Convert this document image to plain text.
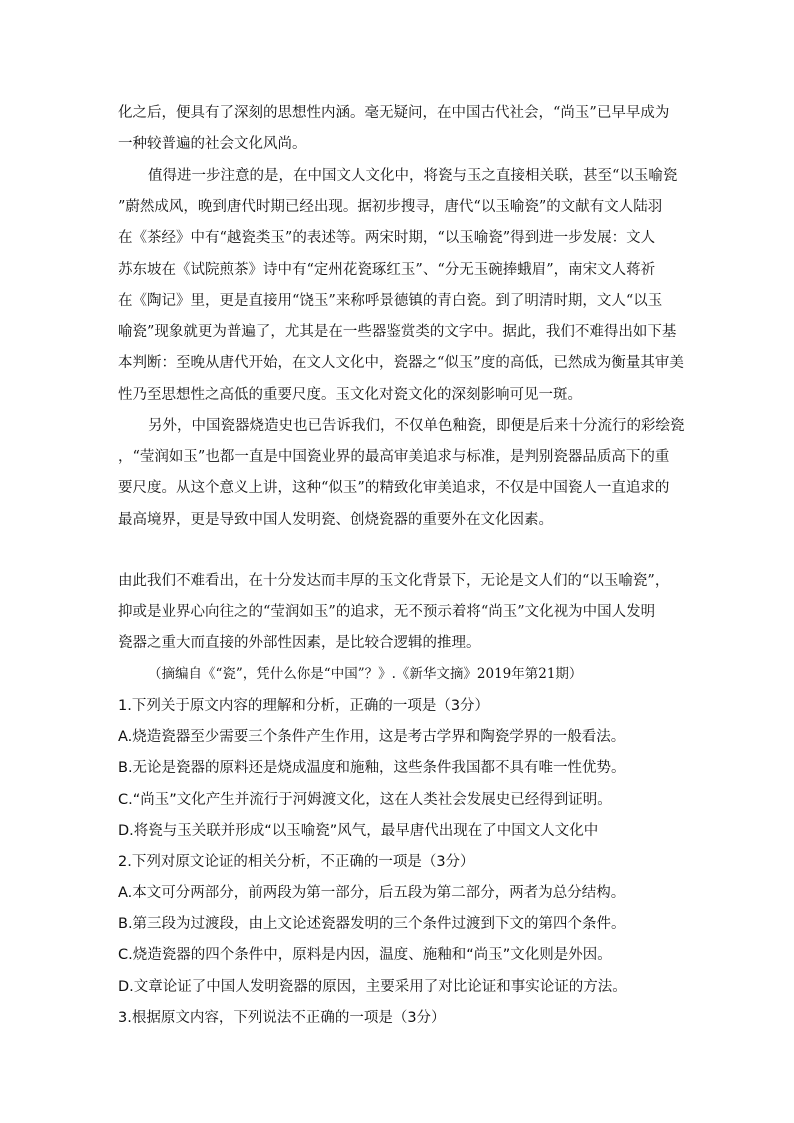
化之后，便具有了深刻的思想性内涵。毫无疑问，在中国古代社会，“尚玉”已早早成为
一种较普遍的社会文化风尚。
值得进一步注意的是，在中国文人文化中，将瓷与玉之直接相关联，甚至“以玉喻瓷
”蔚然成风，晚到唐代时期已经出现。据初步搜寻，唐代“以玉喻瓷”的文献有文人陆羽
在《茶经》中有“越瓷类玉”的表述等。两宋时期，“以玉喻瓷”得到进一步发展：文人
苏东坡在《试院煎茶》诗中有“定州花瓷琢红玉”、“分无玉碗捧蛾眉”，南宋文人蒋祈
在《陶记》里，更是直接用“饶玉”来称呼景德镇的青白瓷。到了明清时期，文人“以玉
喻瓷”现象就更为普遍了，尤其是在一些器鉴赏类的文字中。据此，我们不难得出如下基
本判断：至晚从唐代开始，在文人文化中，瓷器之“似玉”度的高低，已然成为衡量其审美
性乃至思想性之高低的重要尺度。玉文化对瓷文化的深刻影响可见一斑。
另外，中国瓷器烧造史也已告诉我们，不仅单色釉瓷，即便是后来十分流行的彩绘瓷
，“莹润如玉”也都一直是中国瓷业界的最高审美追求与标准，是判别瓷器品质高下的重
要尺度。从这个意义上讲，这种“似玉”的精致化审美追求，不仅是中国瓷人一直追求的
最高境界，更是导致中国人发明瓷、创烧瓷器的重要外在文化因素。
由此我们不难看出，在十分发达而丰厚的玉文化背景下，无论是文人们的“以玉喻瓷”，
抑或是业界心向往之的“莹润如玉”的追求，无不预示着将“尚玉”文化视为中国人发明
瓷器之重大而直接的外部性因素，是比较合逻辑的推理。
（摘编自《“瓷”，凭什么你是“中国”？》.《新华文摘》2019年第21期）
1.下列关于原文内容的理解和分析，正确的一项是（3分）
A.烧造瓷器至少需要三个条件产生作用，这是考古学界和陶瓷学界的一般看法。
B.无论是瓷器的原料还是烧成温度和施釉，这些条件我国都不具有唯一性优势。
C.“尚玉”文化产生并流行于河姆渡文化，这在人类社会发展史已经得到证明。
D.将瓷与玉关联并形成“以玉喻瓷”风气，最早唐代出现在了中国文人文化中
2.下列对原文论证的相关分析，不正确的一项是（3分）
A.本文可分两部分，前两段为第一部分，后五段为第二部分，两者为总分结构。
B.第三段为过渡段，由上文论述瓷器发明的三个条件过渡到下文的第四个条件。
C.烧造瓷器的四个条件中，原料是内因，温度、施釉和“尚玉”文化则是外因。
D.文章论证了中国人发明瓷器的原因，主要采用了对比论证和事实论证的方法。
3.根据原文内容，下列说法不正确的一项是（3分）
